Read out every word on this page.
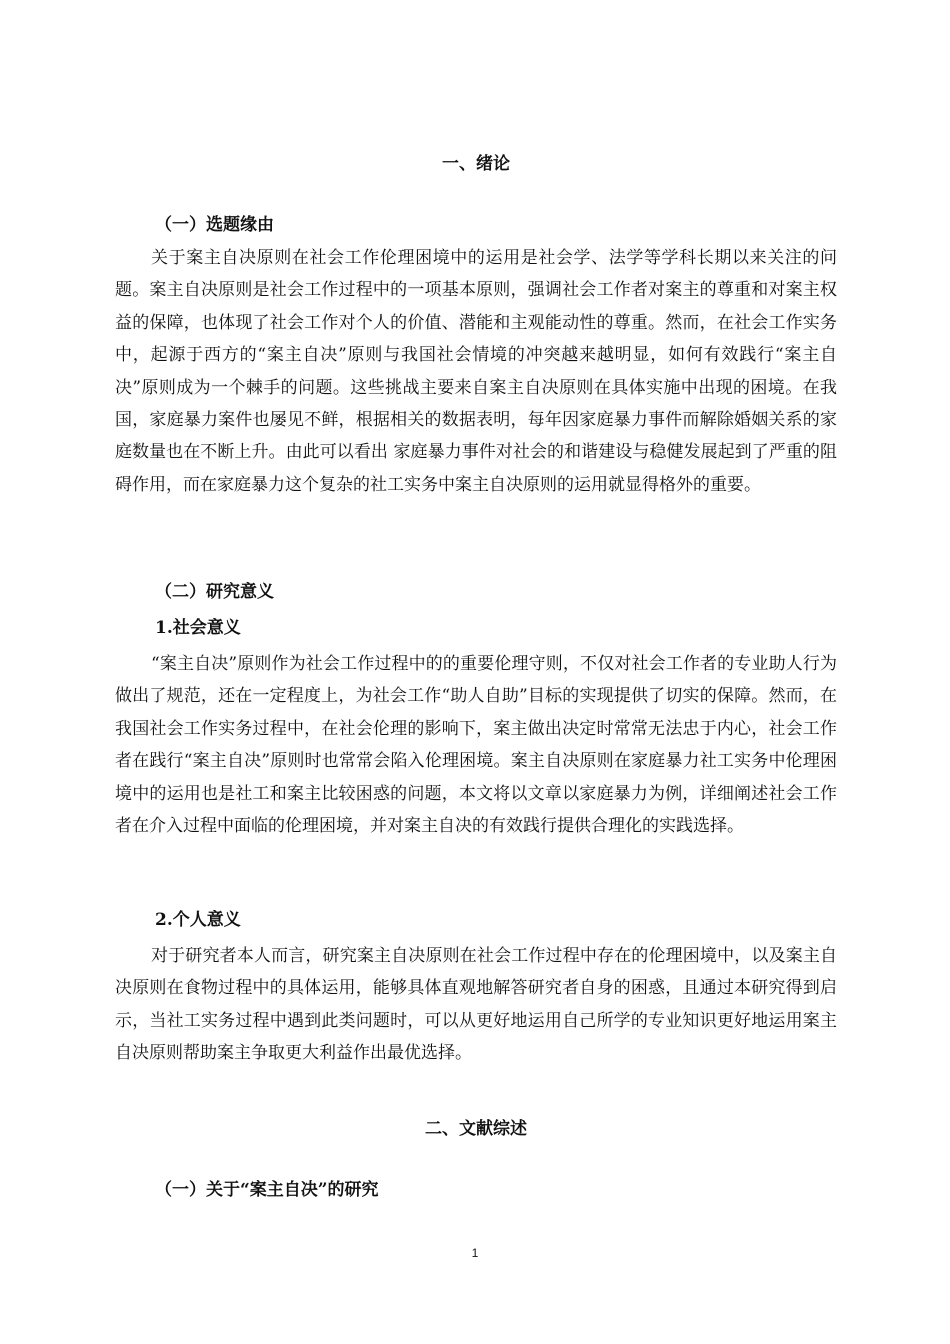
一、绪论
（一）选题缘由

关于案主自决原则在社会工作伦理困境中的运用是社会学、法学等学科长期以来关注的问题。案主自决原则是社会工作过程中的一项基本原则，强调社会工作者对案主的尊重和对案主权益的保障，也体现了社会工作对个人的价值、潜能和主观能动性的尊重。然而，在社会工作实务中，起源于西方的“案主自决”原则与我国社会情境的冲突越来越明显，如何有效践行“案主自决”原则成为一个棘手的问题。这些挑战主要来自案主自决原则在具体实施中出现的困境。在我国，家庭暴力案件也屡见不鲜，根据相关的数据表明，每年因家庭暴力事件而解除婚姻关系的家庭数量也在不断上升。由此可以看出 家庭暴力事件对社会的和谐建设与稳健发展起到了严重的阻碍作用，而在家庭暴力这个复杂的社工实务中案主自决原则的运用就显得格外的重要。

（二）研究意义
1.社会意义

“案主自决”原则作为社会工作过程中的的重要伦理守则，不仅对社会工作者的专业助人行为做出了规范，还在一定程度上，为社会工作“助人自助”目标的实现提供了切实的保障。然而，在我国社会工作实务过程中，在社会伦理的影响下，案主做出决定时常常无法忠于内心，社会工作者在践行“案主自决”原则时也常常会陷入伦理困境。案主自决原则在家庭暴力社工实务中伦理困境中的运用也是社工和案主比较困惑的问题，本文将以文章以家庭暴力为例，详细阐述社会工作者在介入过程中面临的伦理困境，并对案主自决的有效践行提供合理化的实践选择。

2.个人意义

对于研究者本人而言，研究案主自决原则在社会工作过程中存在的伦理困境中，以及案主自决原则在食物过程中的具体运用，能够具体直观地解答研究者自身的困惑，且通过本研究得到启示，当社工实务过程中遇到此类问题时，可以从更好地运用自己所学的专业知识更好地运用案主自决原则帮助案主争取更大利益作出最优选择。

二、文献综述
（一）关于“案主自决”的研究
1
